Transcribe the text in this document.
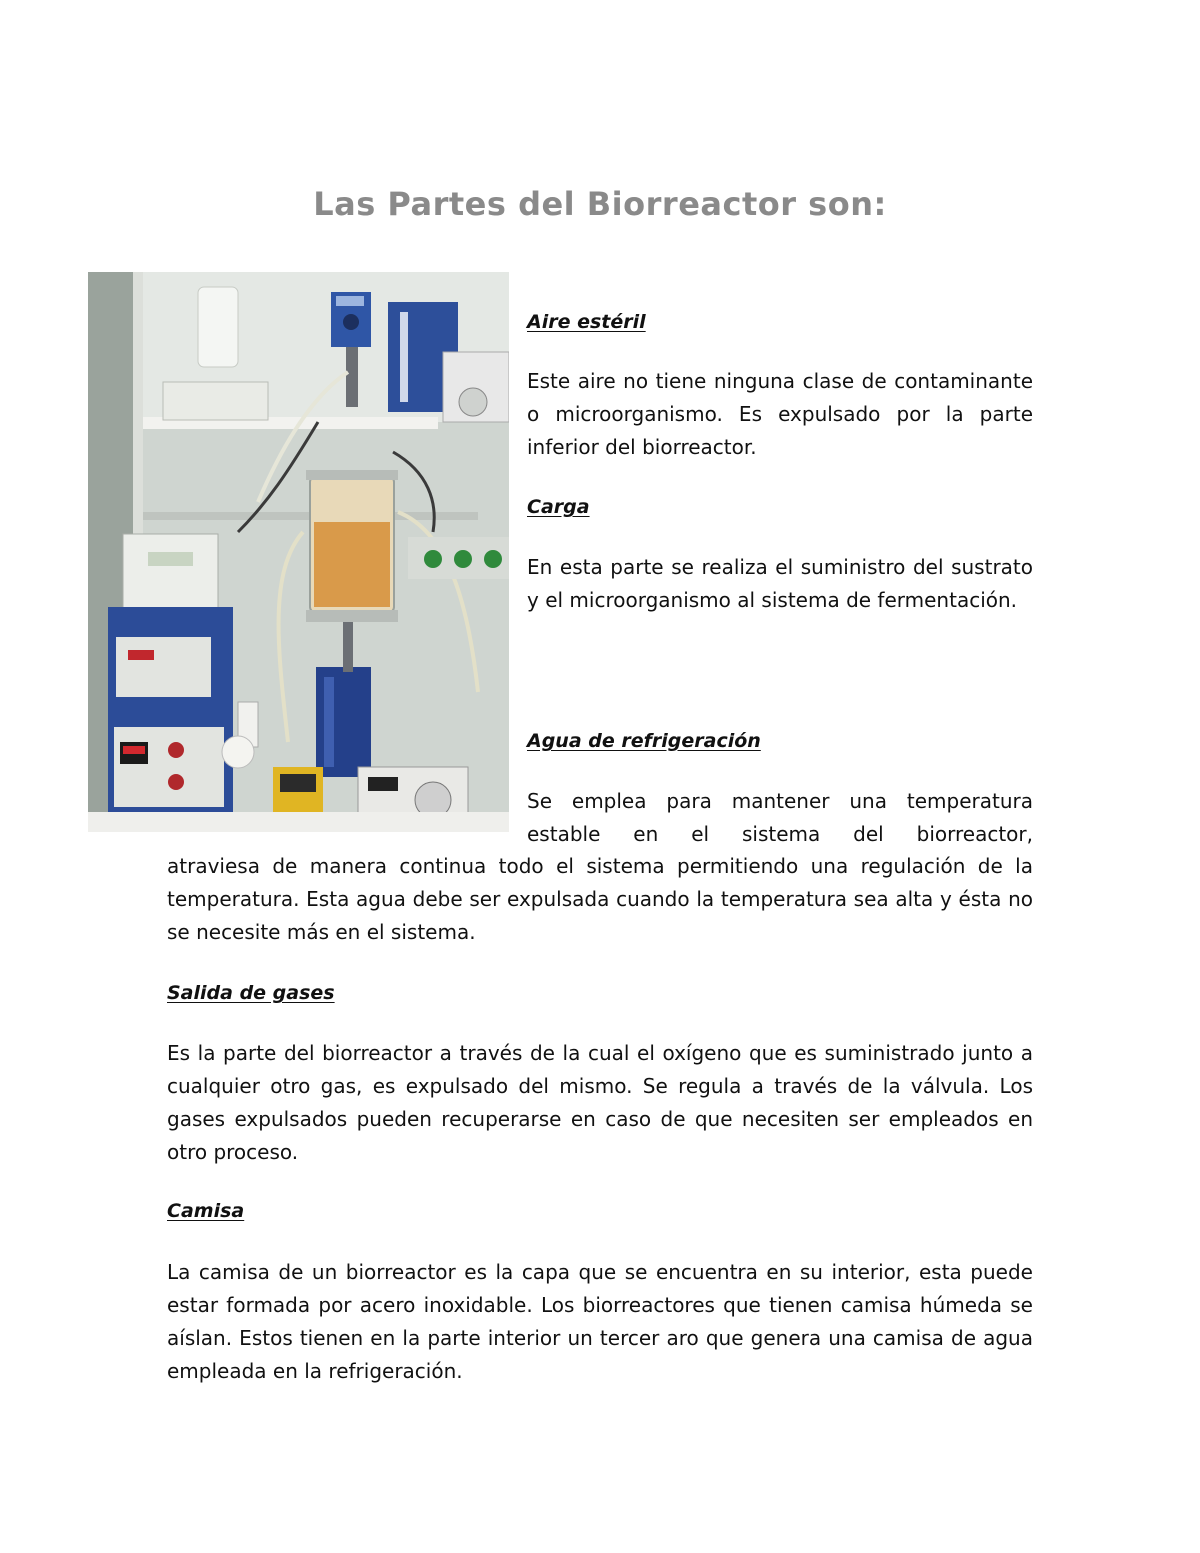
Las Partes del Biorreactor son:

Aire estéril

Este aire no tiene ninguna clase de contaminante o microorganismo. Es expulsado por la parte inferior del biorreactor.

Carga

En esta parte se realiza el suministro del sustrato y el microorganismo al sistema de fermentación.

Agua de refrigeración

Se emplea para mantener una temperatura estable en el sistema del biorreactor,

atraviesa de manera continua todo el sistema permitiendo una regulación de la temperatura. Esta agua debe ser expulsada cuando la temperatura sea alta y ésta no se necesite más en el sistema.

Salida de gases

Es la parte del biorreactor a través de la cual el oxígeno que es suministrado junto a cualquier otro gas, es expulsado del mismo. Se regula a través de la válvula. Los gases expulsados pueden recuperarse en caso de que necesiten ser empleados en otro proceso.

Camisa

La camisa de un biorreactor es la capa que se encuentra en su interior, esta puede estar formada por acero inoxidable. Los biorreactores que tienen camisa húmeda se aíslan. Estos tienen en la parte interior un tercer aro que genera una camisa de agua empleada en la refrigeración.
